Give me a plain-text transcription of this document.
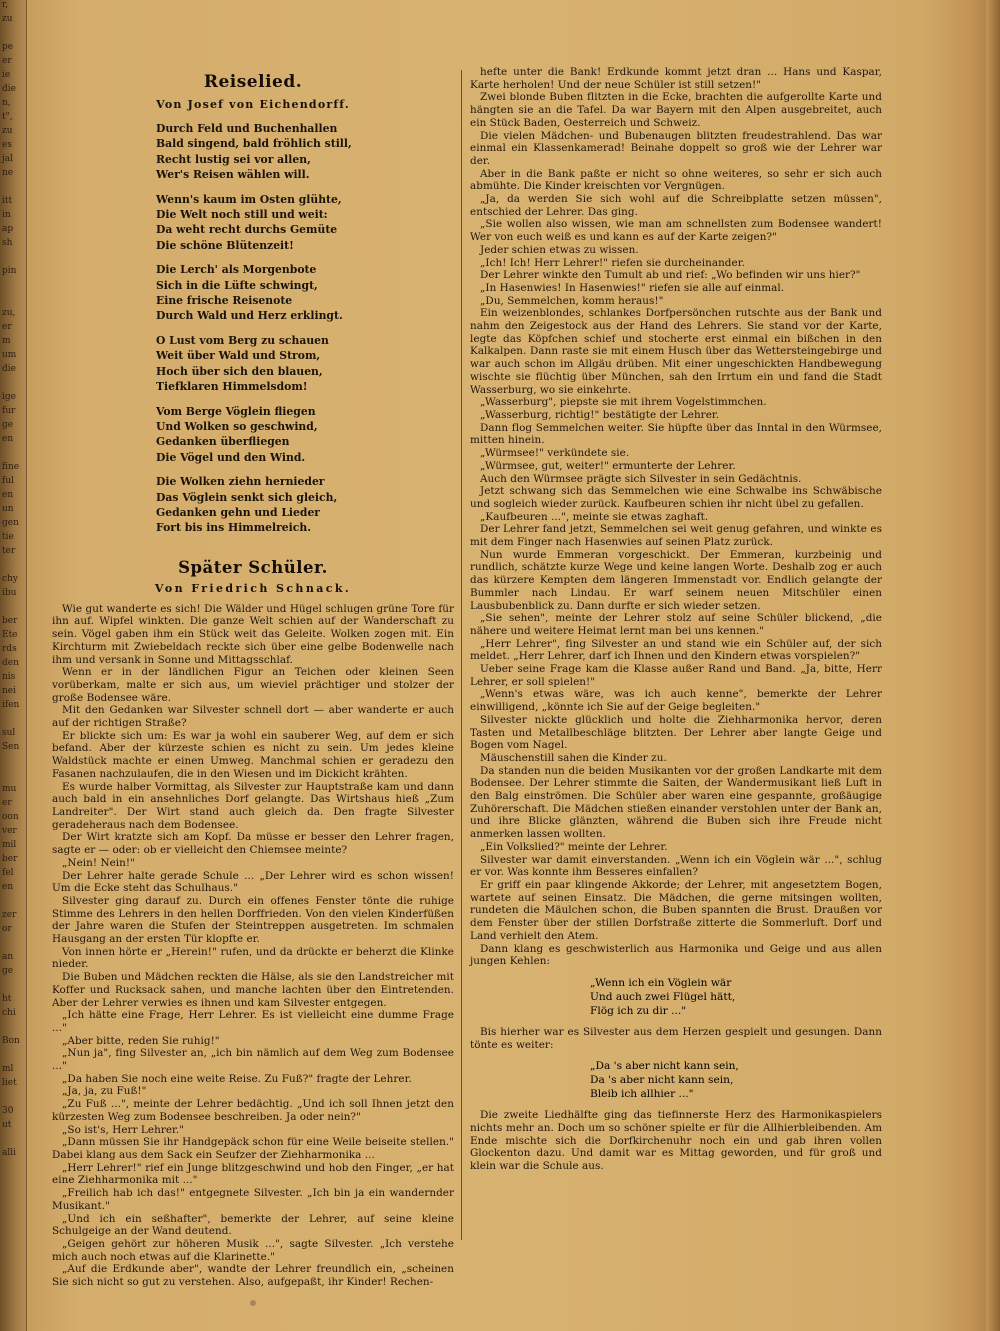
r,
zu
pe
er
ie
die
n,
t",
zu
es
jal
ne
itt
in
ap
sh
pin
zu,
er
m
um
die
ige
fur
ge
en
fine
ful
en
un
gen
tie
ter
chy
ibu
ber
Ete
rds
den
nis
nei
ifen
sul
Sen
mu
er
oon
ver
mil
ber
fel
en
zer
or
an
ge
ht
chi
Bon
ml
liet
30
ut
alli
Reiselied.
Von Josef von Eichendorff.
Durch Feld und Buchenhallen
Bald singend, bald fröhlich still,
Recht lustig sei vor allen,
Wer's Reisen wählen will.
Wenn's kaum im Osten glühte,
Die Welt noch still und weit:
Da weht recht durchs Gemüte
Die schöne Blütenzeit!
Die Lerch' als Morgenbote
Sich in die Lüfte schwingt,
Eine frische Reisenote
Durch Wald und Herz erklingt.
O Lust vom Berg zu schauen
Weit über Wald und Strom,
Hoch über sich den blauen,
Tiefklaren Himmelsdom!
Vom Berge Vöglein fliegen
Und Wolken so geschwind,
Gedanken überfliegen
Die Vögel und den Wind.
Die Wolken ziehn hernieder
Das Vöglein senkt sich gleich,
Gedanken gehn und Lieder
Fort bis ins Himmelreich.
Später Schüler.
Von Friedrich Schnack.

Wie gut wanderte es sich! Die Wälder und Hügel schlugen grüne Tore für ihn auf. Wipfel winkten. Die ganze Welt schien auf der Wanderschaft zu sein. Vögel gaben ihm ein Stück weit das Geleite. Wolken zogen mit. Ein Kirchturm mit Zwiebeldach reckte sich über eine gelbe Bodenwelle nach ihm und versank in Sonne und Mittagsschlaf.

Wenn er in der ländlichen Figur an Teichen oder kleinen Seen vorüberkam, malte er sich aus, um wieviel prächtiger und stolzer der große Bodensee wäre.

Mit den Gedanken war Silvester schnell dort — aber wanderte er auch auf der richtigen Straße?

Er blickte sich um: Es war ja wohl ein sauberer Weg, auf dem er sich befand. Aber der kürzeste schien es nicht zu sein. Um jedes kleine Waldstück machte er einen Umweg. Manchmal schien er geradezu den Fasanen nachzulaufen, die in den Wiesen und im Dickicht krähten.

Es wurde halber Vormittag, als Silvester zur Hauptstraße kam und dann auch bald in ein ansehnliches Dorf gelangte. Das Wirtshaus hieß „Zum Landreiter". Der Wirt stand auch gleich da. Den fragte Silvester geradeheraus nach dem Bodensee.

Der Wirt kratzte sich am Kopf. Da müsse er besser den Lehrer fragen, sagte er — oder: ob er vielleicht den Chiemsee meinte?

„Nein! Nein!"

Der Lehrer halte gerade Schule ... „Der Lehrer wird es schon wissen! Um die Ecke steht das Schulhaus."

Silvester ging darauf zu. Durch ein offenes Fenster tönte die ruhige Stimme des Lehrers in den hellen Dorffrieden. Von den vielen Kinderfüßen der Jahre waren die Stufen der Steintreppen ausgetreten. Im schmalen Hausgang an der ersten Tür klopfte er.

Von innen hörte er „Herein!" rufen, und da drückte er beherzt die Klinke nieder.

Die Buben und Mädchen reckten die Hälse, als sie den Landstreicher mit Koffer und Rucksack sahen, und manche lachten über den Eintretenden. Aber der Lehrer verwies es ihnen und kam Silvester entgegen.

„Ich hätte eine Frage, Herr Lehrer. Es ist vielleicht eine dumme Frage ..."

„Aber bitte, reden Sie ruhig!"

„Nun ja", fing Silvester an, „ich bin nämlich auf dem Weg zum Bodensee ..."

„Da haben Sie noch eine weite Reise. Zu Fuß?" fragte der Lehrer.

„Ja, ja, zu Fuß!"

„Zu Fuß ...", meinte der Lehrer bedächtig. „Und ich soll Ihnen jetzt den kürzesten Weg zum Bodensee beschreiben. Ja oder nein?"

„So ist's, Herr Lehrer."

„Dann müssen Sie ihr Handgepäck schon für eine Weile beiseite stellen." Dabei klang aus dem Sack ein Seufzer der Ziehharmonika ...

„Herr Lehrer!" rief ein Junge blitzgeschwind und hob den Finger, „er hat eine Ziehharmonika mit ..."

„Freilich hab ich das!" entgegnete Silvester. „Ich bin ja ein wandernder Musikant."

„Und ich ein seßhafter", bemerkte der Lehrer, auf seine kleine Schulgeige an der Wand deutend.

„Geigen gehört zur höheren Musik ...", sagte Silvester. „Ich verstehe mich auch noch etwas auf die Klarinette."

„Auf die Erdkunde aber", wandte der Lehrer freundlich ein, „scheinen Sie sich nicht so gut zu verstehen. Also, aufgepaßt, ihr Kinder! Rechen-

hefte unter die Bank! Erdkunde kommt jetzt dran ... Hans und Kaspar, Karte herholen! Und der neue Schüler ist still setzen!"

Zwei blonde Buben flitzten in die Ecke, brachten die aufgerollte Karte und hängten sie an die Tafel. Da war Bayern mit den Alpen ausgebreitet, auch ein Stück Baden, Oesterreich und Schweiz.

Die vielen Mädchen- und Bubenaugen blitzten freudestrahlend. Das war einmal ein Klassenkamerad! Beinahe doppelt so groß wie der Lehrer war der.

Aber in die Bank paßte er nicht so ohne weiteres, so sehr er sich auch abmühte. Die Kinder kreischten vor Vergnügen.

„Ja, da werden Sie sich wohl auf die Schreibplatte setzen müssen", entschied der Lehrer. Das ging.

„Sie wollen also wissen, wie man am schnellsten zum Bodensee wandert! Wer von euch weiß es und kann es auf der Karte zeigen?"

Jeder schien etwas zu wissen.

„Ich! Ich! Herr Lehrer!" riefen sie durcheinander.

Der Lehrer winkte den Tumult ab und rief: „Wo befinden wir uns hier?"

„In Hasenwies! In Hasenwies!" riefen sie alle auf einmal.

„Du, Semmelchen, komm heraus!"

Ein weizenblondes, schlankes Dorfpersönchen rutschte aus der Bank und nahm den Zeigestock aus der Hand des Lehrers. Sie stand vor der Karte, legte das Köpfchen schief und stocherte erst einmal ein bißchen in den Kalkalpen. Dann raste sie mit einem Husch über das Wettersteingebirge und war auch schon im Allgäu drüben. Mit einer ungeschickten Handbewegung wischte sie flüchtig über München, sah den Irrtum ein und fand die Stadt Wasserburg, wo sie einkehrte.

„Wasserburg", piepste sie mit ihrem Vogelstimmchen.

„Wasserburg, richtig!" bestätigte der Lehrer.

Dann flog Semmelchen weiter. Sie hüpfte über das Inntal in den Würmsee, mitten hinein.

„Würmsee!" verkündete sie.

„Würmsee, gut, weiter!" ermunterte der Lehrer.

Auch den Würmsee prägte sich Silvester in sein Gedächtnis.

Jetzt schwang sich das Semmelchen wie eine Schwalbe ins Schwäbische und sogleich wieder zurück. Kaufbeuren schien ihr nicht übel zu gefallen.

„Kaufbeuren ...", meinte sie etwas zaghaft.

Der Lehrer fand jetzt, Semmelchen sei weit genug gefahren, und winkte es mit dem Finger nach Hasenwies auf seinen Platz zurück.

Nun wurde Emmeran vorgeschickt. Der Emmeran, kurzbeinig und rundlich, schätzte kurze Wege und keine langen Worte. Deshalb zog er auch das kürzere Kempten dem längeren Immenstadt vor. Endlich gelangte der Bummler nach Lindau. Er warf seinem neuen Mitschüler einen Lausbubenblick zu. Dann durfte er sich wieder setzen.

„Sie sehen", meinte der Lehrer stolz auf seine Schüler blickend, „die nähere und weitere Heimat lernt man bei uns kennen."

„Herr Lehrer", fing Silvester an und stand wie ein Schüler auf, der sich meldet. „Herr Lehrer, darf ich Ihnen und den Kindern etwas vorspielen?"

Ueber seine Frage kam die Klasse außer Rand und Band. „Ja, bitte, Herr Lehrer, er soll spielen!"

„Wenn's etwas wäre, was ich auch kenne", bemerkte der Lehrer einwilligend, „könnte ich Sie auf der Geige begleiten."

Silvester nickte glücklich und holte die Ziehharmonika hervor, deren Tasten und Metallbeschläge blitzten. Der Lehrer aber langte Geige und Bogen vom Nagel.

Mäuschenstill sahen die Kinder zu.

Da standen nun die beiden Musikanten vor der großen Landkarte mit dem Bodensee. Der Lehrer stimmte die Saiten, der Wandermusikant ließ Luft in den Balg einströmen. Die Schüler aber waren eine gespannte, großäugige Zuhörerschaft. Die Mädchen stießen einander verstohlen unter der Bank an, und ihre Blicke glänzten, während die Buben sich ihre Freude nicht anmerken lassen wollten.

„Ein Volkslied?" meinte der Lehrer.

Silvester war damit einverstanden. „Wenn ich ein Vöglein wär ...", schlug er vor. Was konnte ihm Besseres einfallen?

Er griff ein paar klingende Akkorde; der Lehrer, mit angesetztem Bogen, wartete auf seinen Einsatz. Die Mädchen, die gerne mitsingen wollten, rundeten die Mäulchen schon, die Buben spannten die Brust. Draußen vor dem Fenster über der stillen Dorfstraße zitterte die Sommerluft. Dorf und Land verhielt den Atem.

Dann klang es geschwisterlich aus Harmonika und Geige und aus allen jungen Kehlen:

„Wenn ich ein Vöglein wär
Und auch zwei Flügel hätt,
Flög ich zu dir ..."

Bis hierher war es Silvester aus dem Herzen gespielt und gesungen. Dann tönte es weiter:

„Da 's aber nicht kann sein,
Da 's aber nicht kann sein,
Bleib ich allhier ..."

Die zweite Liedhälfte ging das tiefinnerste Herz des Harmonikaspielers nichts mehr an. Doch um so schöner spielte er für die Allhierbleibenden. Am Ende mischte sich die Dorfkirchenuhr noch ein und gab ihren vollen Glockenton dazu. Und damit war es Mittag geworden, und für groß und klein war die Schule aus.
